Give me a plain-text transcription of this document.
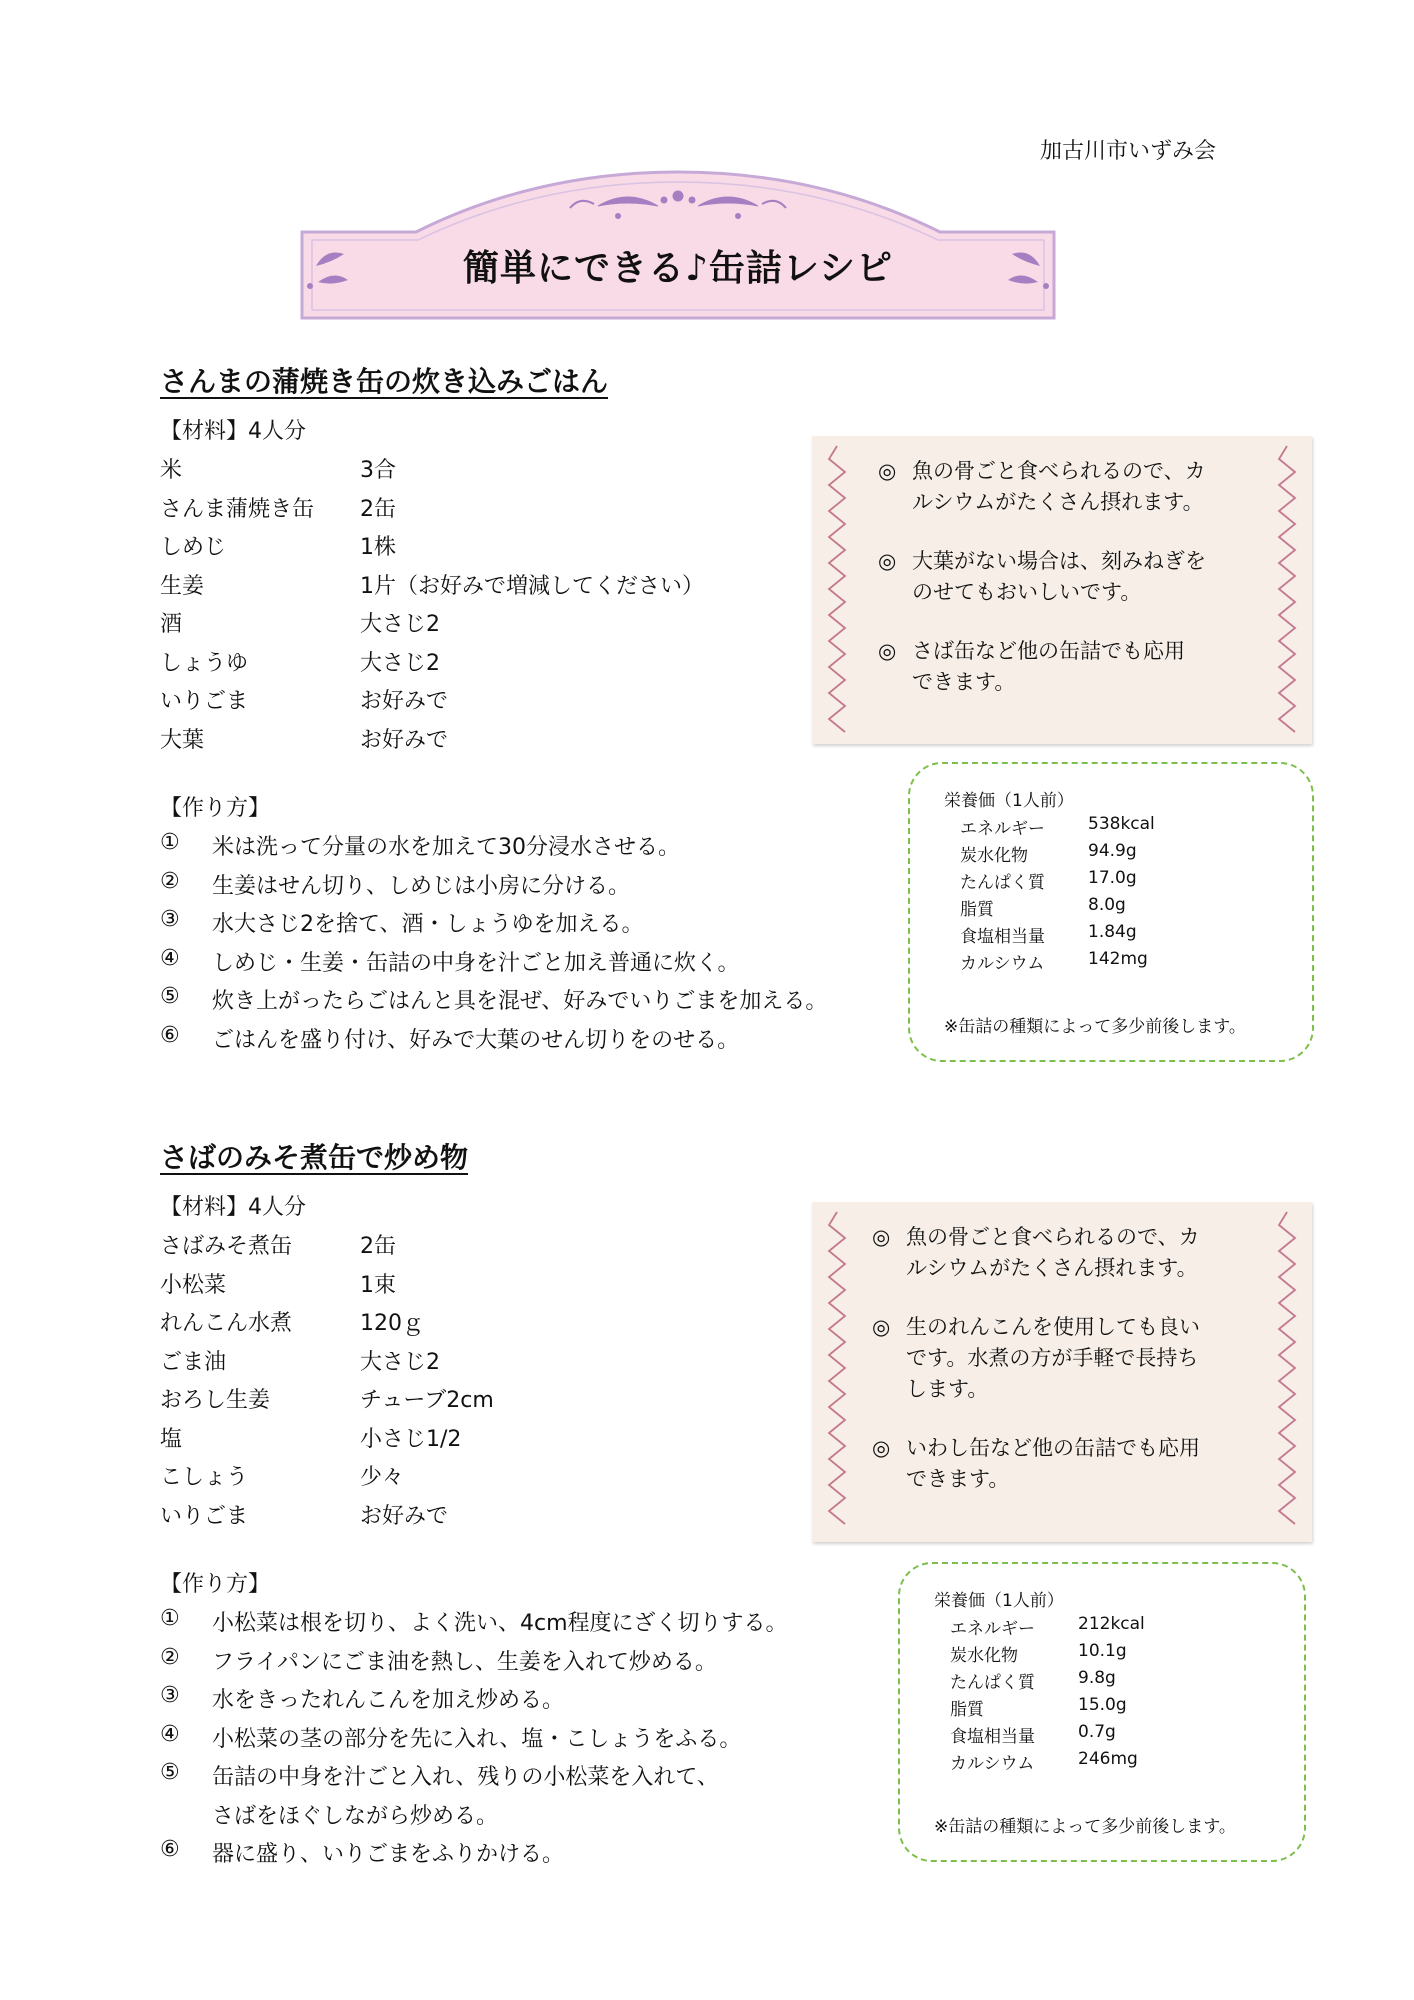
加古川市いずみ会
簡単にできる♪缶詰レシピ
さんまの蒲焼き缶の炊き込みごはん
【材料】4人分
米	3合
さんま蒲焼き缶	2缶
しめじ	1株
生姜	1片（お好みで増減してください）
酒	大さじ2
しょうゆ	大さじ2
いりごま	お好みで
大葉	お好みで
【作り方】
①	米は洗って分量の水を加えて30分浸水させる。
②	生姜はせん切り、しめじは小房に分ける。
③	水大さじ2を捨て、酒・しょうゆを加える。
④	しめじ・生姜・缶詰の中身を汁ごと加え普通に炊く。
⑤	炊き上がったらごはんと具を混ぜ、好みでいりごまを加える。
⑥	ごはんを盛り付け、好みで大葉のせん切りをのせる。
◎ 魚の骨ごと食べられるので、カ
ルシウムがたくさん摂れます。
◎ 大葉がない場合は、刻みねぎを
のせてもおいしいです。
◎ さば缶など他の缶詰でも応用
できます。
栄養価（1人前）
エネルギー	538kcal
炭水化物	94.9g
たんぱく質	17.0g
脂質	8.0g
食塩相当量	1.84g
カルシウム	142mg
※缶詰の種類によって多少前後します。
さばのみそ煮缶で炒め物
【材料】4人分
さばみそ煮缶	2缶
小松菜	1束
れんこん水煮	120ｇ
ごま油	大さじ2
おろし生姜	チューブ2cm
塩	小さじ1/2
こしょう	少々
いりごま	お好みで
【作り方】
①	小松菜は根を切り、よく洗い、4cm程度にざく切りする。
②	フライパンにごま油を熱し、生姜を入れて炒める。
③	水をきったれんこんを加え炒める。
④	小松菜の茎の部分を先に入れ、塩・こしょうをふる。
⑤	缶詰の中身を汁ごと入れ、残りの小松菜を入れて、
さばをほぐしながら炒める。
⑥	器に盛り、いりごまをふりかける。
◎ 魚の骨ごと食べられるので、カ
ルシウムがたくさん摂れます。
◎ 生のれんこんを使用しても良い
です。水煮の方が手軽で長持ち
します。
◎ いわし缶など他の缶詰でも応用
できます。
栄養価（1人前）
エネルギー	212kcal
炭水化物	10.1g
たんぱく質	9.8g
脂質	15.0g
食塩相当量	0.7g
カルシウム	246mg
※缶詰の種類によって多少前後します。
